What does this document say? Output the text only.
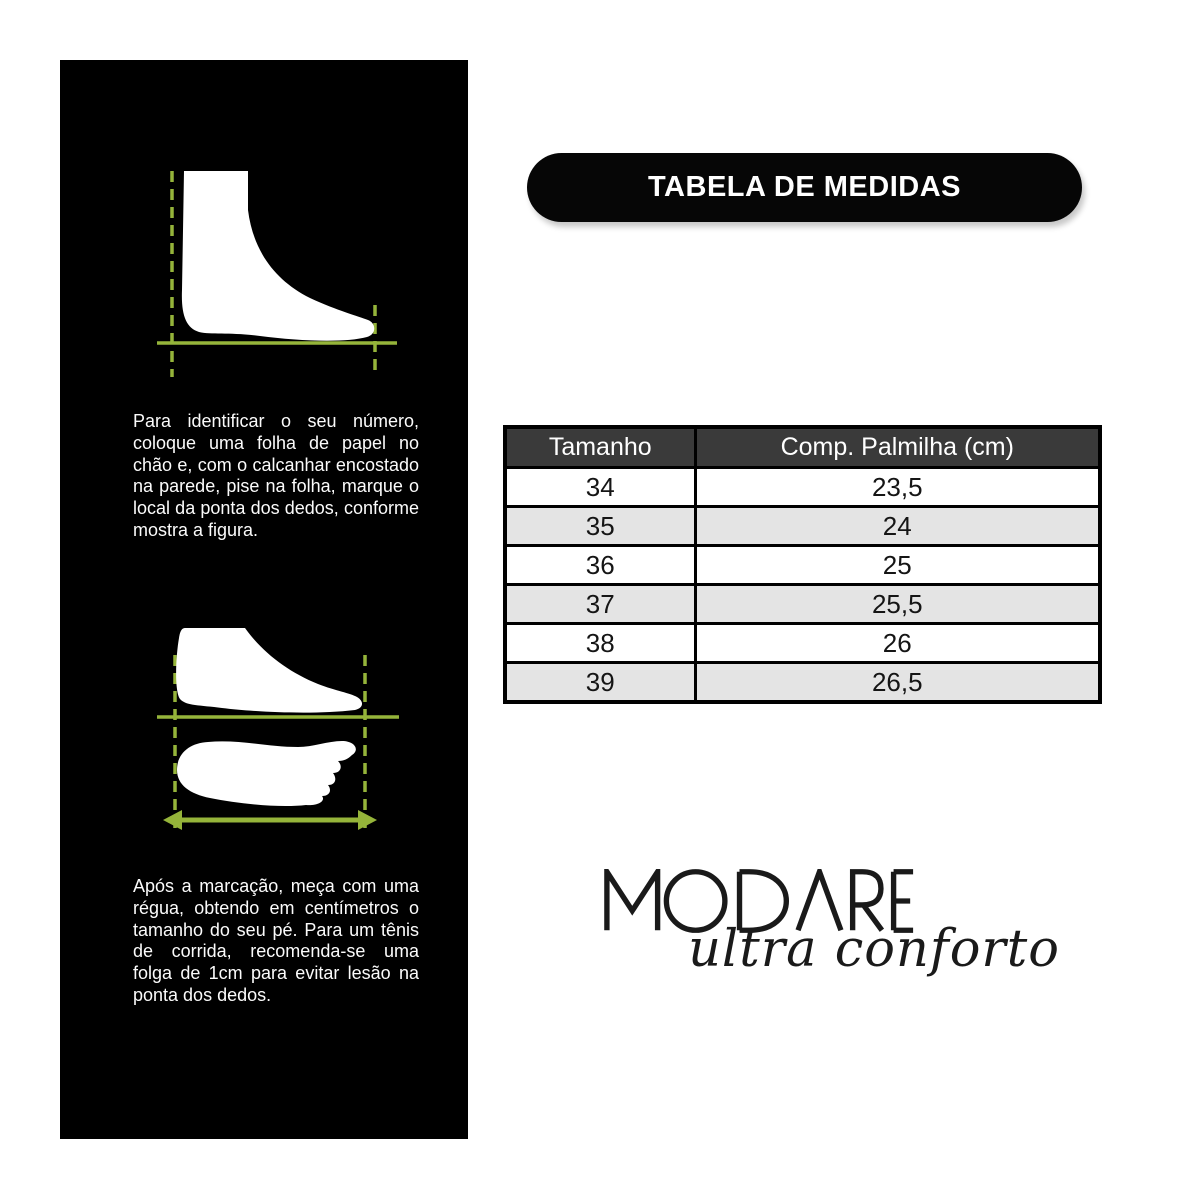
Para identificar o seu número, coloque uma folha de papel no chão e, com o calcanhar encostado na parede, pise na folha, marque o local da ponta dos dedos, conforme mostra a figura.

Após a marcação, meça com uma régua, obtendo em centímetros o tamanho do seu pé. Para um tênis de corrida, recomenda-se uma folga de 1cm para evitar lesão na ponta dos dedos.

TABELA DE MEDIDAS
Tamanho	Comp. Palmilha (cm)
34	23,5
35	24
36	25
37	25,5
38	26
39	26,5
ultra conforto
